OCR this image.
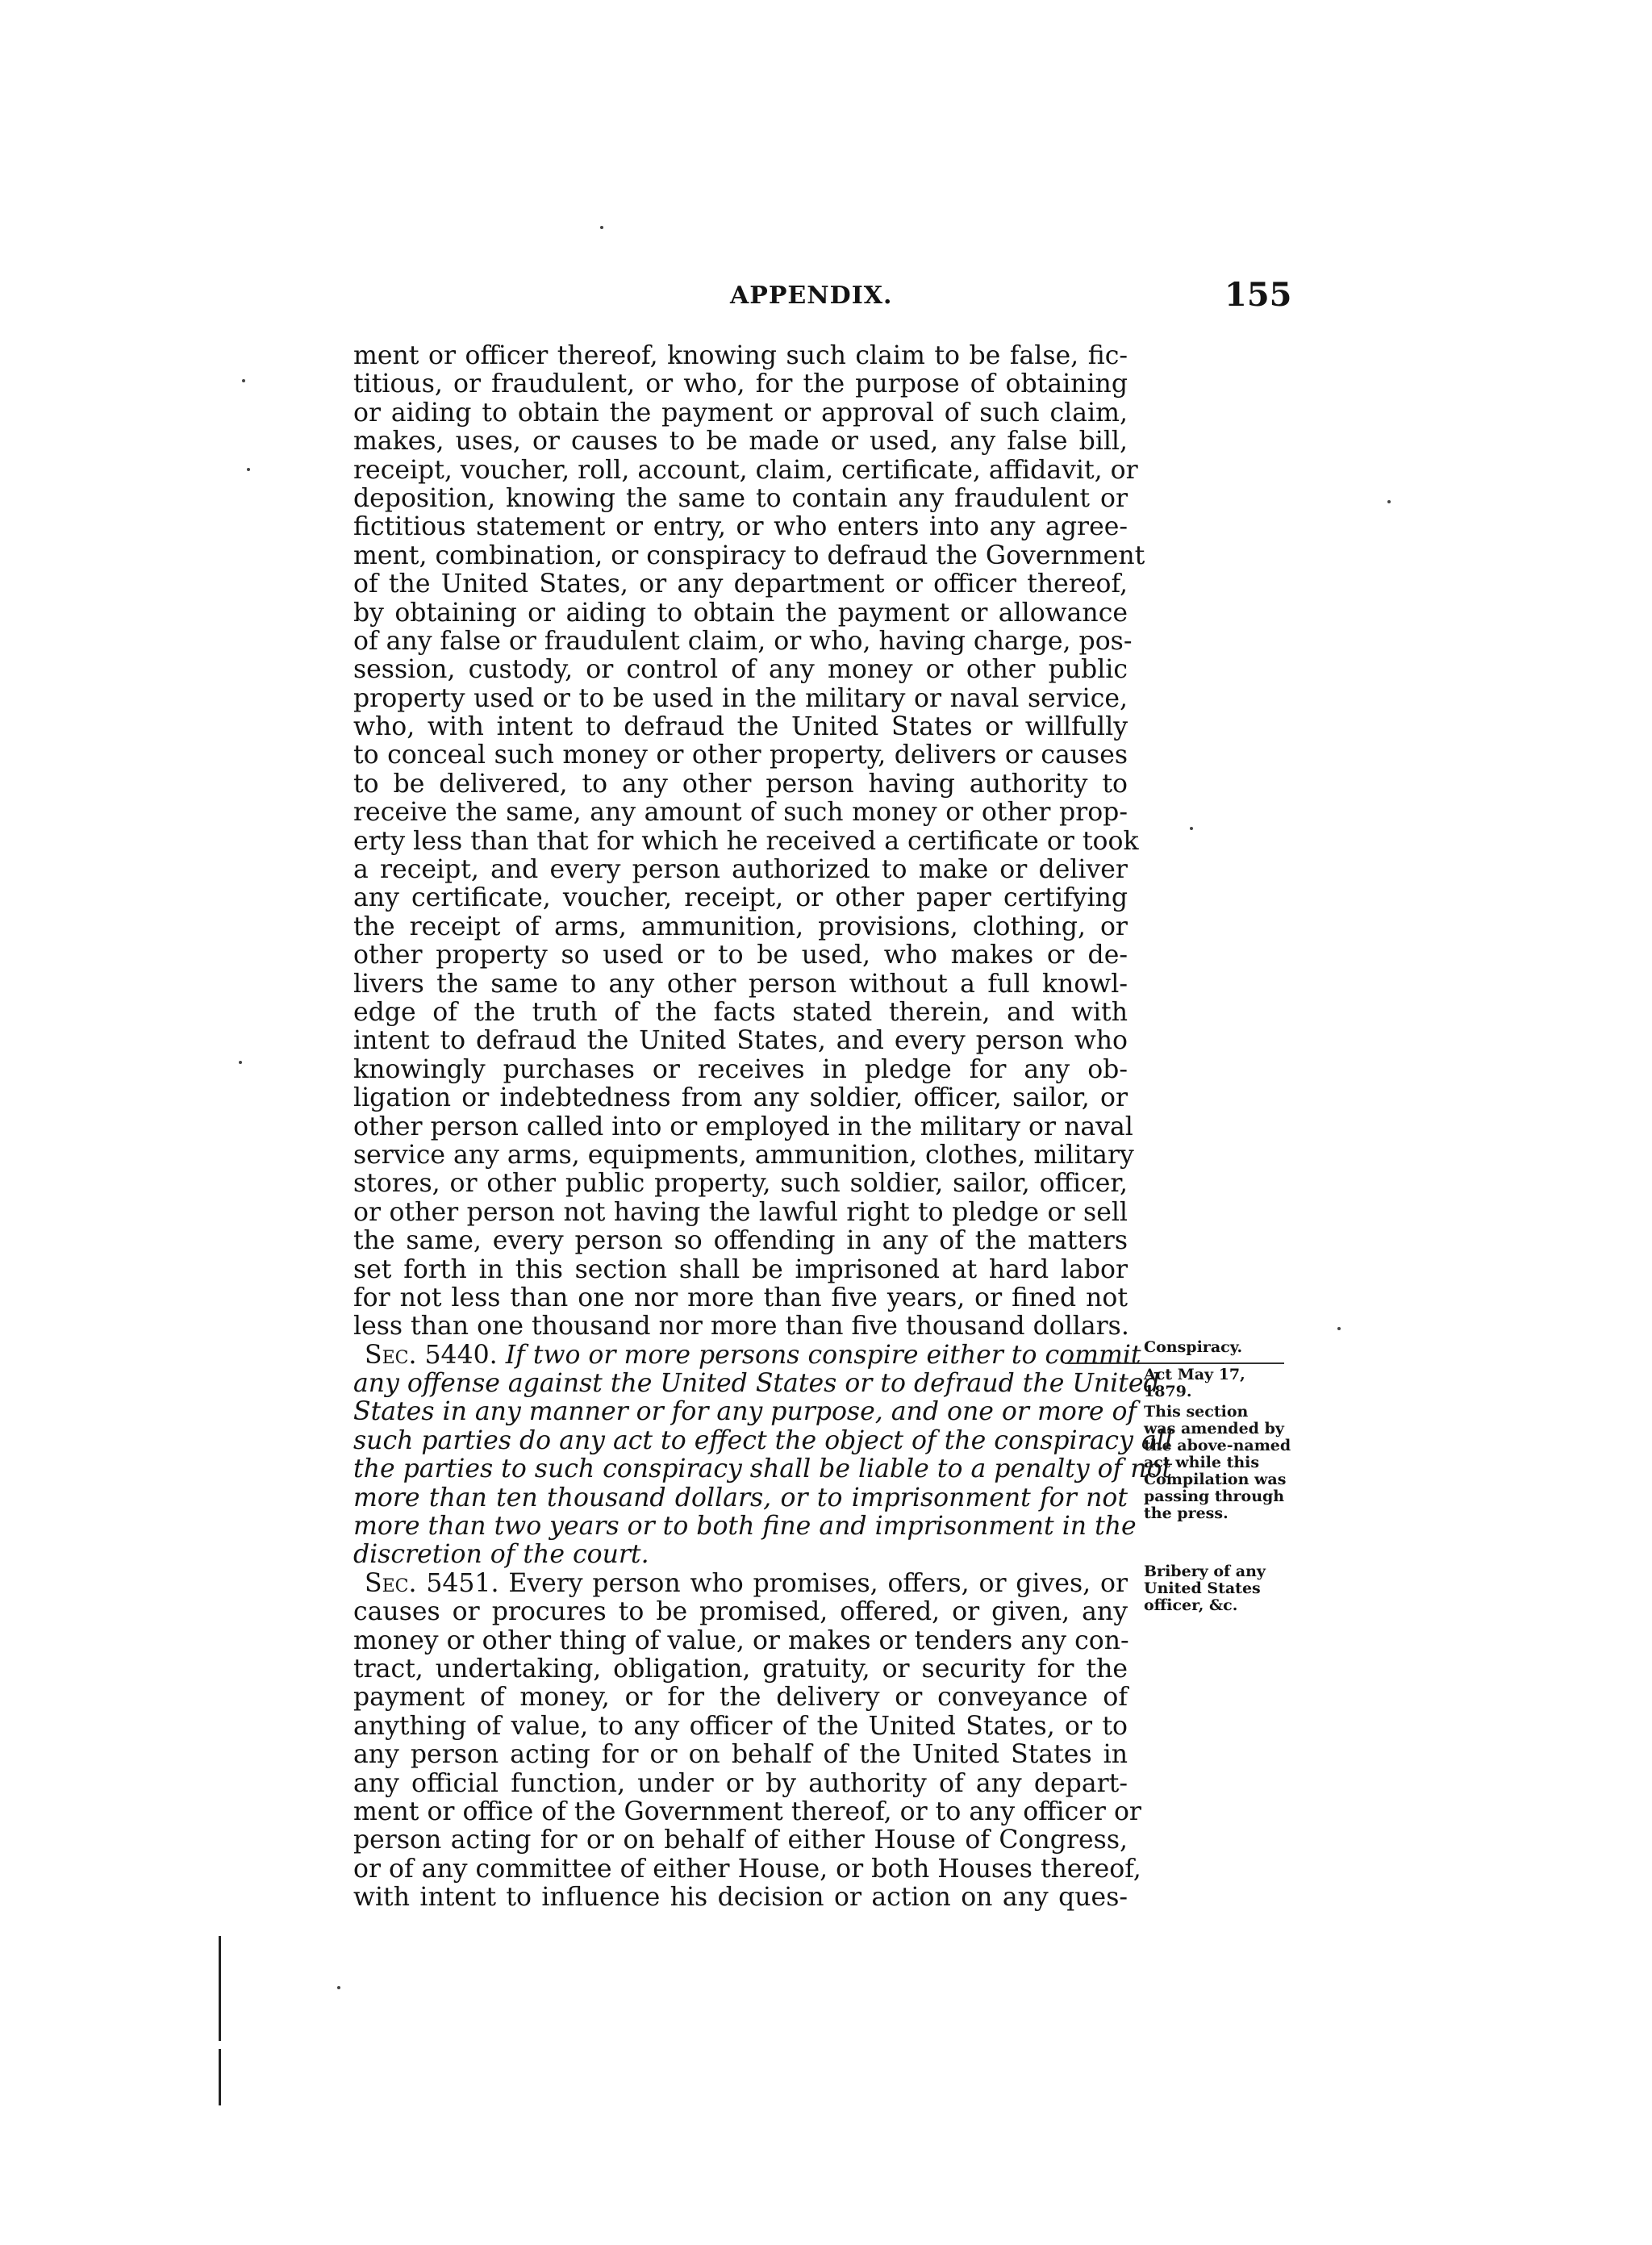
APPENDIX.	155
ment or officer thereof, knowing such claim to be false, fic-
titious, or fraudulent, or who, for the purpose of obtaining
or aiding to obtain the payment or approval of such claim,
makes, uses, or causes to be made or used, any false bill,
receipt, voucher, roll, account, claim, certificate, affidavit, or
deposition, knowing the same to contain any fraudulent or
fictitious statement or entry, or who enters into any agree-
ment, combination, or conspiracy to defraud the Government
of the United States, or any department or officer thereof,
by obtaining or aiding to obtain the payment or allowance
of any false or fraudulent claim, or who, having charge, pos-
session, custody, or control of any money or other public
property used or to be used in the military or naval service,
who, with intent to defraud the United States or willfully
to conceal such money or other property, delivers or causes
to be delivered, to any other person having authority to
receive the same, any amount of such money or other prop-
erty less than that for which he received a certificate or took
a receipt, and every person authorized to make or deliver
any certificate, voucher, receipt, or other paper certifying
the receipt of arms, ammunition, provisions, clothing, or
other property so used or to be used, who makes or de-
livers the same to any other person without a full knowl-
edge of the truth of the facts stated therein, and with
intent to defraud the United States, and every person who
knowingly purchases or receives in pledge for any ob-
ligation or indebtedness from any soldier, officer, sailor, or
other person called into or employed in the military or naval
service any arms, equipments, ammunition, clothes, military
stores, or other public property, such soldier, sailor, officer,
or other person not having the lawful right to pledge or sell
the same, every person so offending in any of the matters
set forth in this section shall be imprisoned at hard labor
for not less than one nor more than five years, or fined not
less than one thousand nor more than five thousand dollars.
Sec. 5440. If two or more persons conspire either to commit
any offense against the United States or to defraud the United
States in any manner or for any purpose, and one or more of
such parties do any act to effect the object of the conspiracy all
the parties to such conspiracy shall be liable to a penalty of not
more than ten thousand dollars, or to imprisonment for not
more than two years or to both fine and imprisonment in the
discretion of the court.
Sec. 5451. Every person who promises, offers, or gives, or
causes or procures to be promised, offered, or given, any
money or other thing of value, or makes or tenders any con-
tract, undertaking, obligation, gratuity, or security for the
payment of money, or for the delivery or conveyance of
anything of value, to any officer of the United States, or to
any person acting for or on behalf of the United States in
any official function, under or by authority of any depart-
ment or office of the Government thereof, or to any officer or
person acting for or on behalf of either House of Congress,
or of any committee of either House, or both Houses thereof,
with intent to influence his decision or action on any ques-
Conspiracy.
Act May 17,
1879.
This section
was amended by
the above-named
act while this
Compilation was
passing through
the press.
Bribery of any
United States
officer, &c.
